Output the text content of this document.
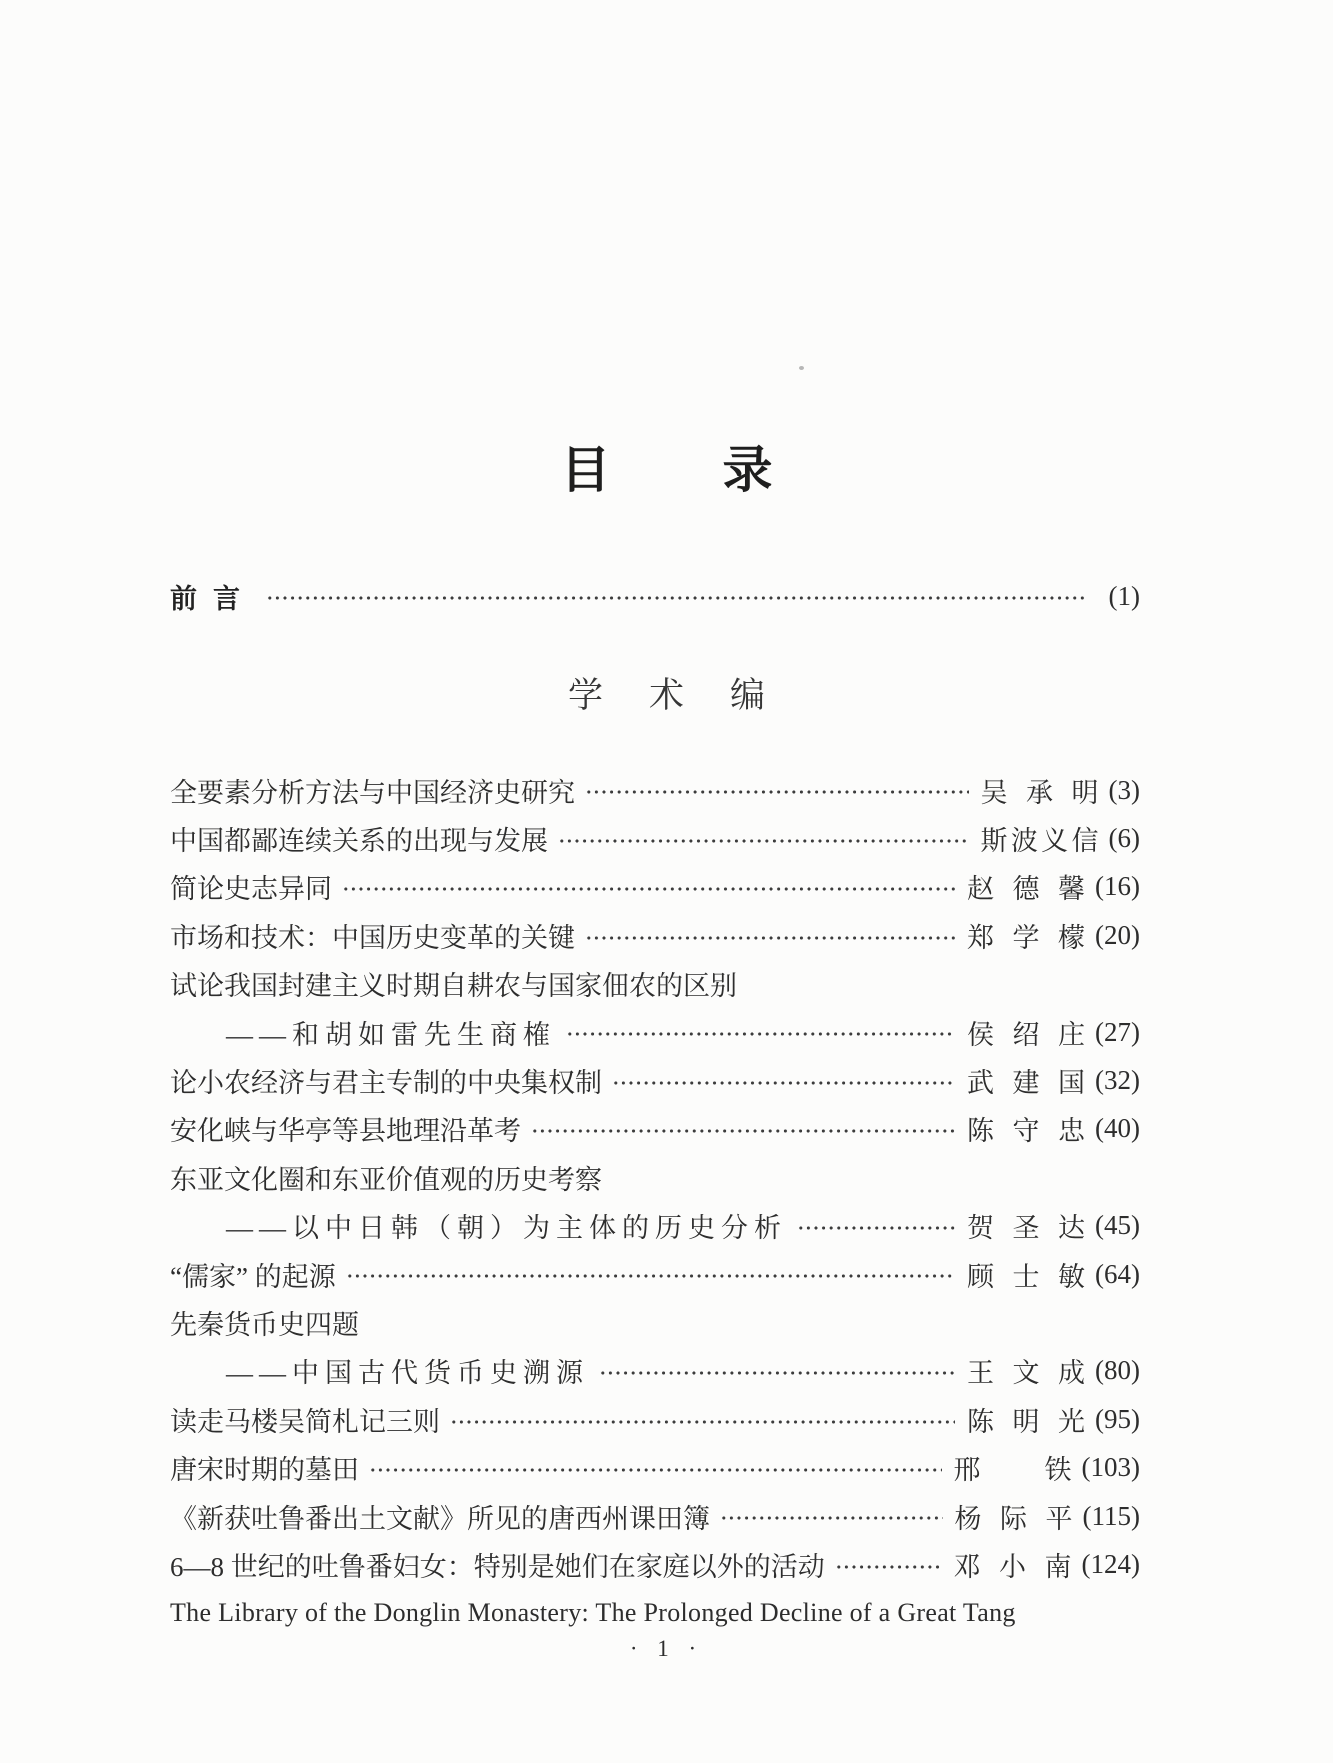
目录
前言	(1)
学术编
全要素分析方法与中国经济史研究	吴承明 (3)
中国都鄙连续关系的出现与发展	斯波义信 (6)
简论史志异同	赵德馨 (16)
市场和技术：中国历史变革的关键	郑学檬 (20)
试论我国封建主义时期自耕农与国家佃农的区别
——和胡如雷先生商榷	侯绍庄 (27)
论小农经济与君主专制的中央集权制	武建国 (32)
安化峡与华亭等县地理沿革考	陈守忠 (40)
东亚文化圈和东亚价值观的历史考察
——以中日韩（朝）为主体的历史分析	贺圣达 (45)
“儒家” 的起源	顾士敏 (64)
先秦货币史四题
——中国古代货币史溯源	王文成 (80)
读走马楼吴简札记三则	陈明光 (95)
唐宋时期的墓田	邢　铁 (103)
《新获吐鲁番出土文献》所见的唐西州课田簿	杨际平 (115)
6—8 世纪的吐鲁番妇女：特别是她们在家庭以外的活动	邓小南 (124)
The Library of the Donglin Monastery: The Prolonged Decline of a Great Tang
· 1 ·
